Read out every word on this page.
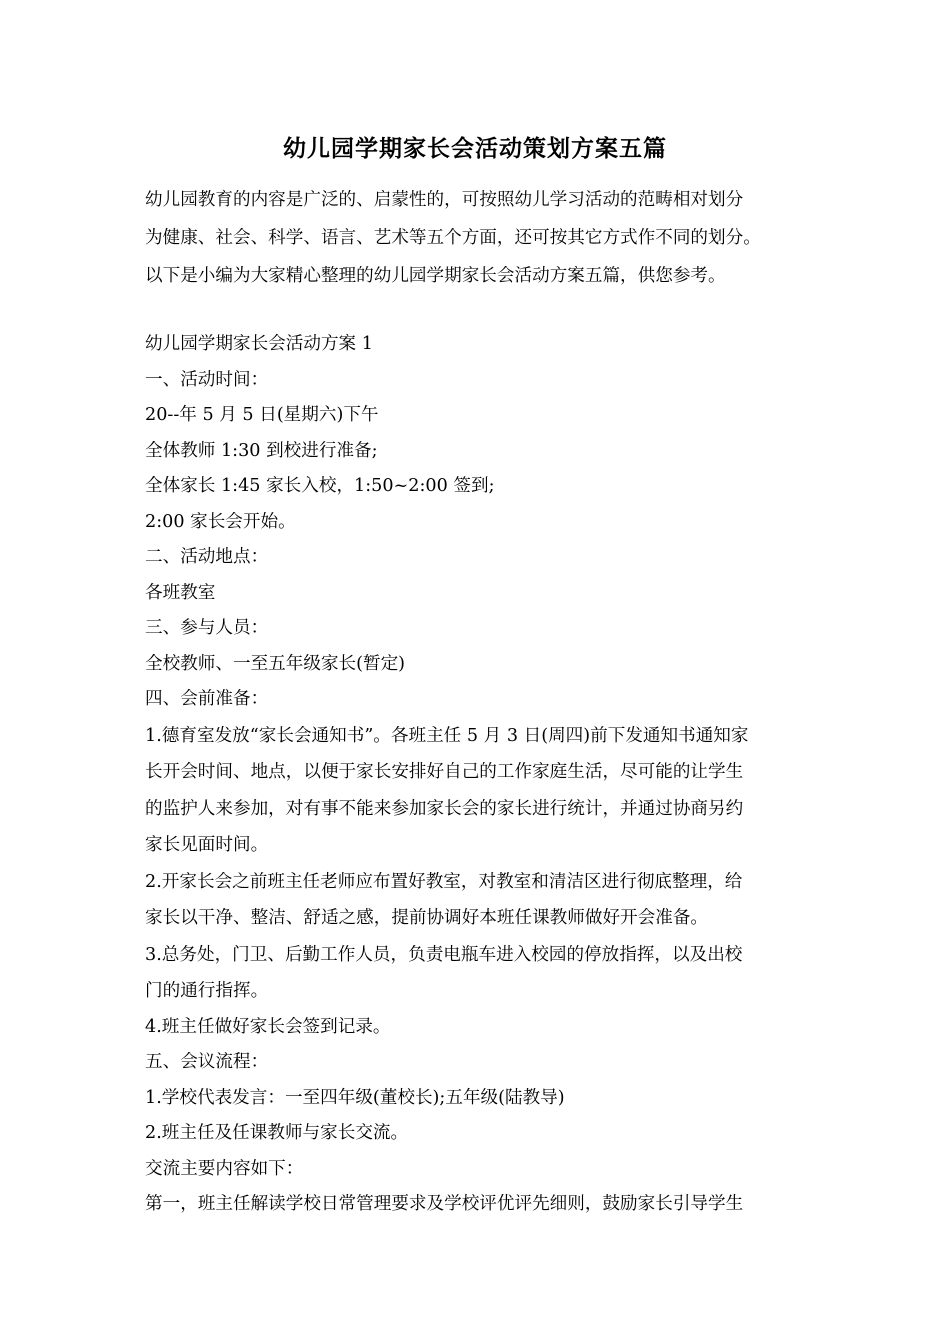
幼儿园学期家长会活动策划方案五篇

幼儿园教育的内容是广泛的、启蒙性的，可按照幼儿学习活动的范畴相对划分

为健康、社会、科学、语言、艺术等五个方面，还可按其它方式作不同的划分。

以下是小编为大家精心整理的幼儿园学期家长会活动方案五篇，供您参考。

幼儿园学期家长会活动方案 1

一、活动时间：

20--年 5 月 5 日(星期六)下午

全体教师 1:30 到校进行准备;

全体家长 1:45 家长入校，1:50~2:00 签到;

2:00 家长会开始。

二、活动地点：

各班教室

三、参与人员：

全校教师、一至五年级家长(暂定)

四、会前准备：

1.德育室发放“家长会通知书”。各班主任 5 月 3 日(周四)前下发通知书通知家
长开会时间、地点，以便于家长安排好自己的工作家庭生活，尽可能的让学生
的监护人来参加，对有事不能来参加家长会的家长进行统计，并通过协商另约
家长见面时间。
2.开家长会之前班主任老师应布置好教室，对教室和清洁区进行彻底整理，给
家长以干净、整洁、舒适之感，提前协调好本班任课教师做好开会准备。
3.总务处，门卫、后勤工作人员，负责电瓶车进入校园的停放指挥，以及出校
门的通行指挥。

4.班主任做好家长会签到记录。

五、会议流程：

1.学校代表发言：一至四年级(董校长);五年级(陆教导)

2.班主任及任课教师与家长交流。

交流主要内容如下：

第一，班主任解读学校日常管理要求及学校评优评先细则，鼓励家长引导学生
